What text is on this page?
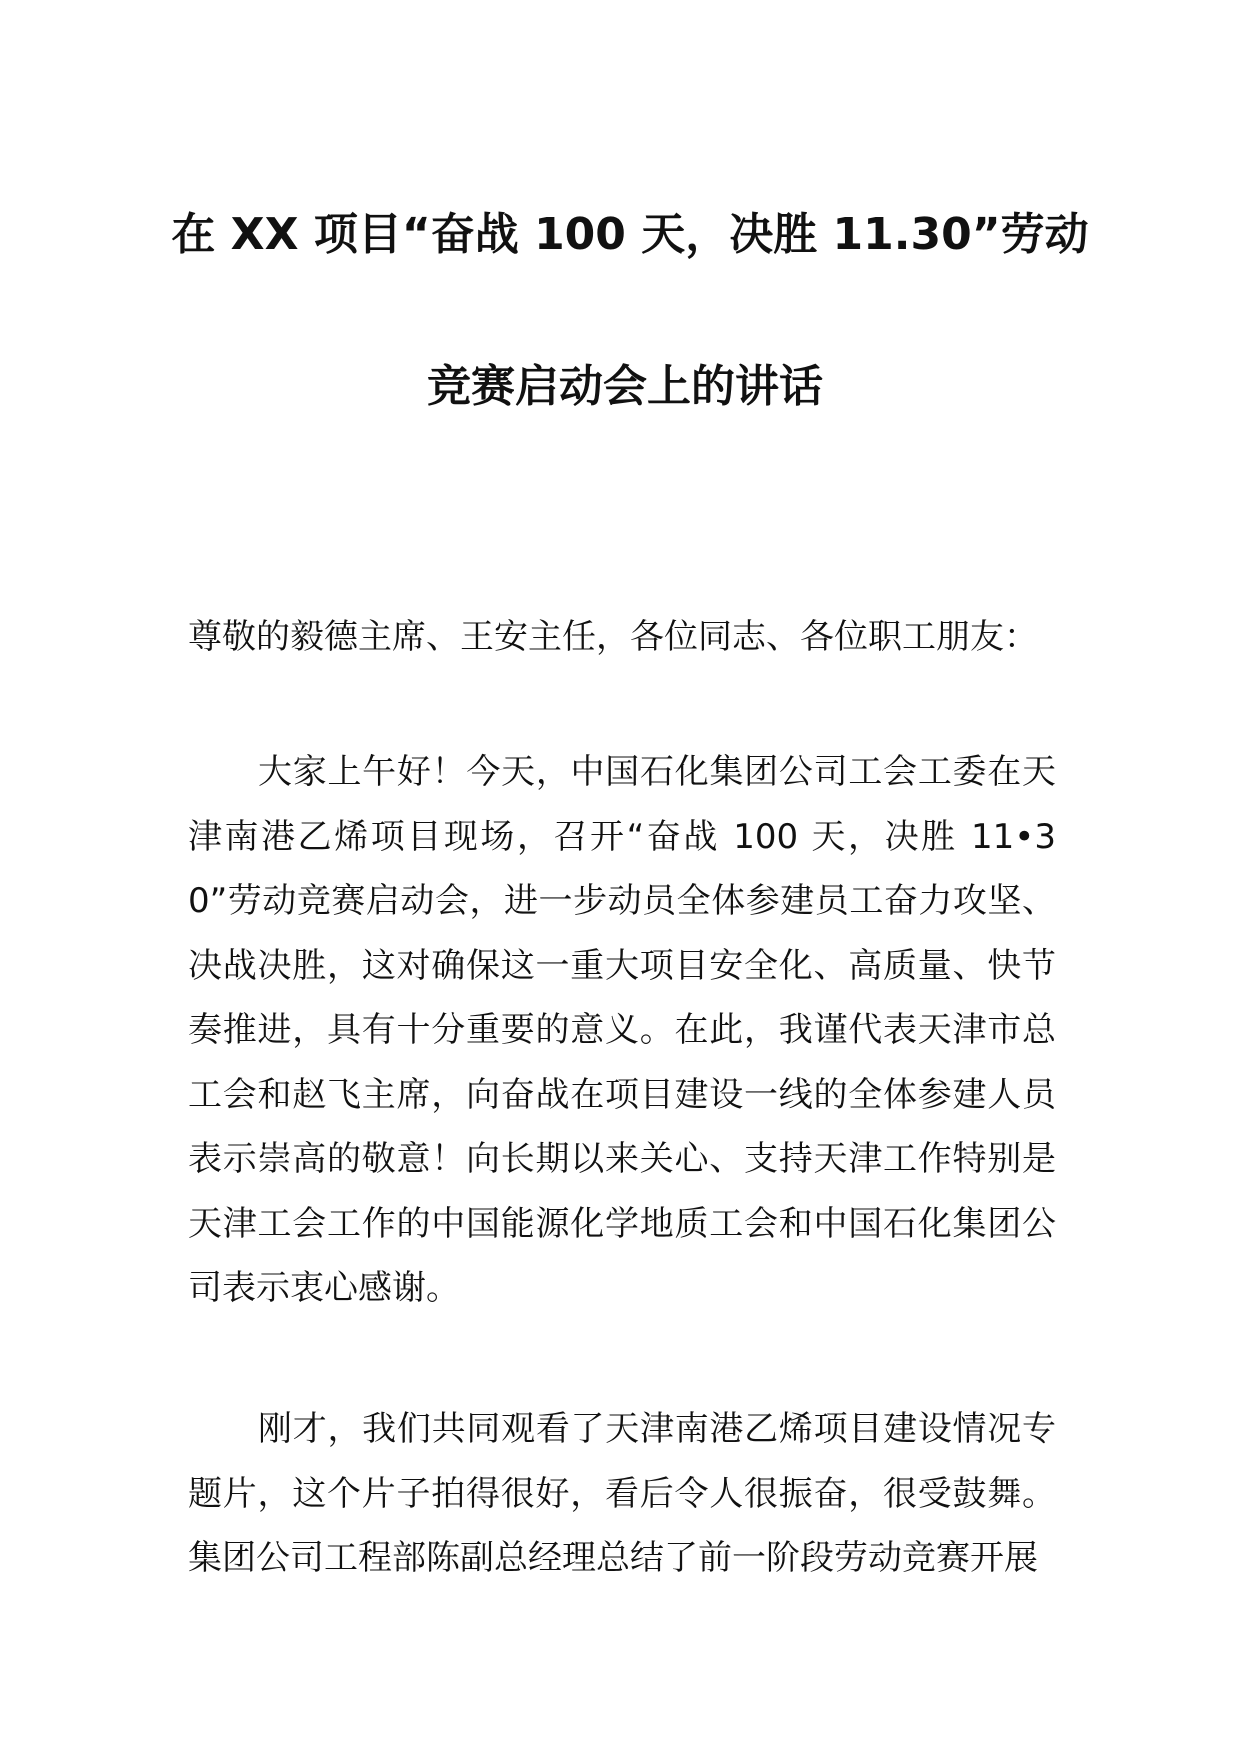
在 XX 项目“奋战 100 天，决胜 11.30”劳动
竞赛启动会上的讲话
尊敬的毅德主席、王安主任，各位同志、各位职工朋友：
大家上午好！今天，中国石化集团公司工会工委在天津南港乙烯项目现场，召开“奋战 100 天，决胜 11•30”劳动竞赛启动会，进一步动员全体参建员工奋力攻坚、决战决胜，这对确保这一重大项目安全化、高质量、快节奏推进，具有十分重要的意义。在此，我谨代表天津市总工会和赵飞主席，向奋战在项目建设一线的全体参建人员表示崇高的敬意！向长期以来关心、支持天津工作特别是天津工会工作的中国能源化学地质工会和中国石化集团公司表示衷心感谢。
刚才，我们共同观看了天津南港乙烯项目建设情况专题片，这个片子拍得很好，看后令人很振奋，很受鼓舞。集团公司工程部陈副总经理总结了前一阶段劳动竞赛开展
